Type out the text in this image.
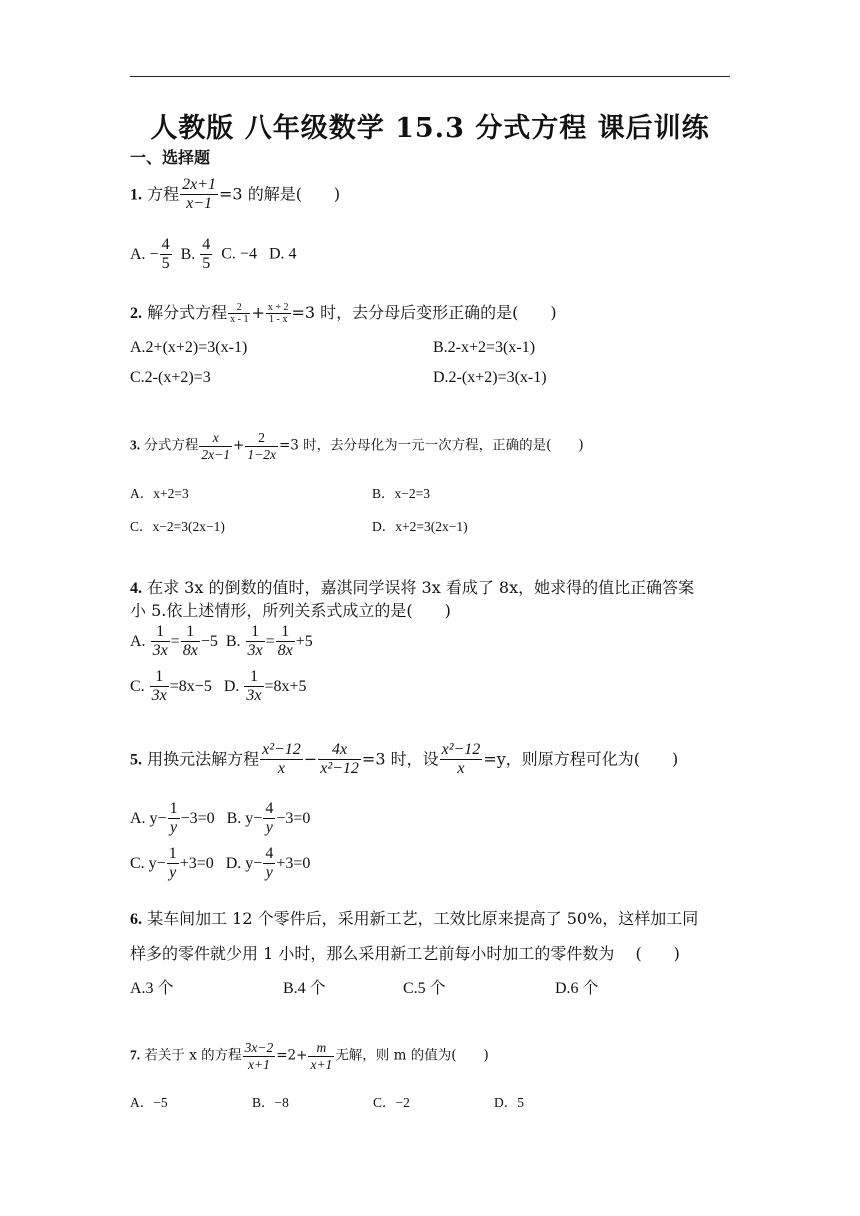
人教版 八年级数学 15.3 分式方程 课后训练
一、选择题
1. 方程 $\frac{2x+1}{x-1} =3$ 的解是(　　)
A. − $\frac{4}{5} B$. $\frac{4}{5} C$. −4 D. 4
2. 解分式方程 $\frac{2}{x - 1} + \frac{x + 2}{1 - x} =3$ 时，去分母后变形正确的是(　　)
A.2+(x+2)=3(x-1)	B.2-x+2=3(x-1)
C.2-(x+2)=3	D.2-(x+2)=3(x-1)
3. 分式方程 $\frac{x}{2x-1} + \frac{2}{1-2x} =3$ 时，去分母化为一元一次方程，正确的是(　　)
A．x+2=3	B．x−2=3
C．x−2=3(2x−1)	D．x+2=3(2x−1)
4. 在求 3x 的倒数的值时，嘉淇同学误将 3x 看成了 8x，她求得的值比正确答案
小 5.依上述情形，所列关系式成立的是(　　)
A. $\frac{1}{3x} = \frac{1}{8x} -5$ B. $\frac{1}{3x} = \frac{1}{8x} +5$
C. $\frac{1}{3x} =8x-5$ D. $\frac{1}{3x} =8x+5$
5. 用换元法解方程 $\frac{\text{x²−12}}{x} - \frac{4x}{\text{x²−12}} =3$ 时，设 $\frac{\text{x²−12}}{x} =y$，则原方程可化为(　　)
A. $y- \frac{1}{y} -3=0$ B. $y- \frac{4}{y} -3=0$
C. $y- \frac{1}{y} +3=0$ D. $y- \frac{4}{y} +3=0$
6. 某车间加工 12 个零件后，采用新工艺，工效比原来提高了 50%，这样加工同
样多的零件就少用 1 小时，那么采用新工艺前每小时加工的零件数为　 (　　)
A.3 个	B.4 个	C.5 个	D.6 个
7. 若关于 x 的方程 $\frac{3x-2}{x+1} =2+ \frac{m}{x+1}$ 无解，则 m 的值为(　　)
A．−5	B．−8	C．−2	D．5
